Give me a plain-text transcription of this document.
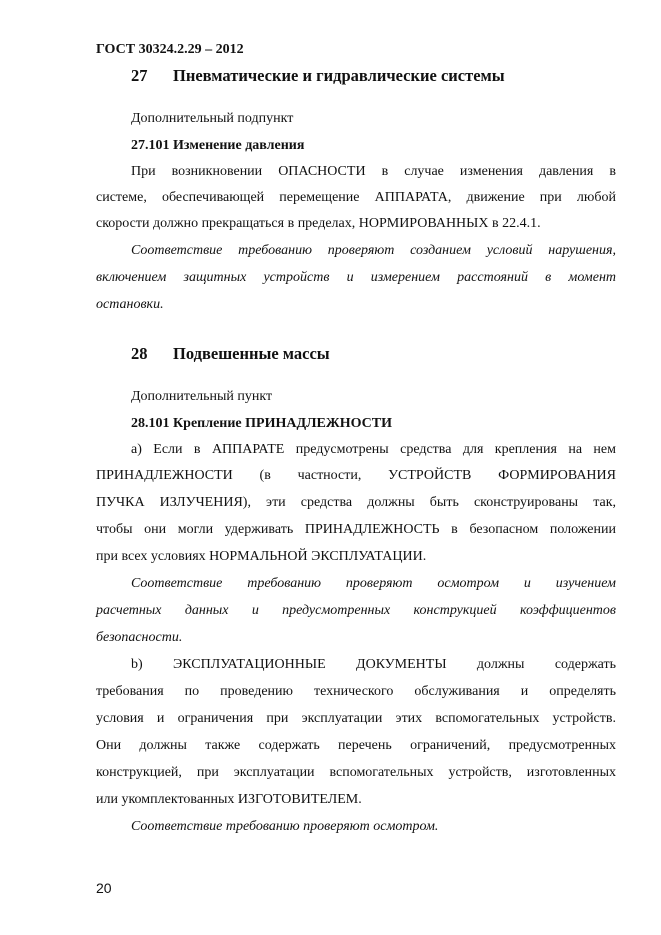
ГОСТ 30324.2.29 – 2012
27 Пневматические и гидравлические системы
Дополнительный подпункт
27.101 Изменение давления
При возникновении ОПАСНОСТИ в случае изменения давления в
системе, обеспечивающей перемещение АППАРАТА, движение при любой
скорости должно прекращаться в пределах, НОРМИРОВАННЫХ в 22.4.1.
Соответствие требованию проверяют созданием условий нарушения,
включением защитных устройств и измерением расстояний в момент
остановки.
28 Подвешенные массы
Дополнительный пункт
28.101 Крепление ПРИНАДЛЕЖНОСТИ
а) Если в АППАРАТЕ предусмотрены средства для крепления на нем
ПРИНАДЛЕЖНОСТИ (в частности, УСТРОЙСТВ ФОРМИРОВАНИЯ
ПУЧКА ИЗЛУЧЕНИЯ), эти средства должны быть сконструированы так,
чтобы они могли удерживать ПРИНАДЛЕЖНОСТЬ в безопасном положении
при всех условиях НОРМАЛЬНОЙ ЭКСПЛУАТАЦИИ.
Соответствие требованию проверяют осмотром и изучением
расчетных данных и предусмотренных конструкцией коэффициентов
безопасности.
b) ЭКСПЛУАТАЦИОННЫЕ ДОКУМЕНТЫ должны содержать
требования по проведению технического обслуживания и определять
условия и ограничения при эксплуатации этих вспомогательных устройств.
Они должны также содержать перечень ограничений, предусмотренных
конструкцией, при эксплуатации вспомогательных устройств, изготовленных
или укомплектованных ИЗГОТОВИТЕЛЕМ.
Соответствие требованию проверяют осмотром.
20
